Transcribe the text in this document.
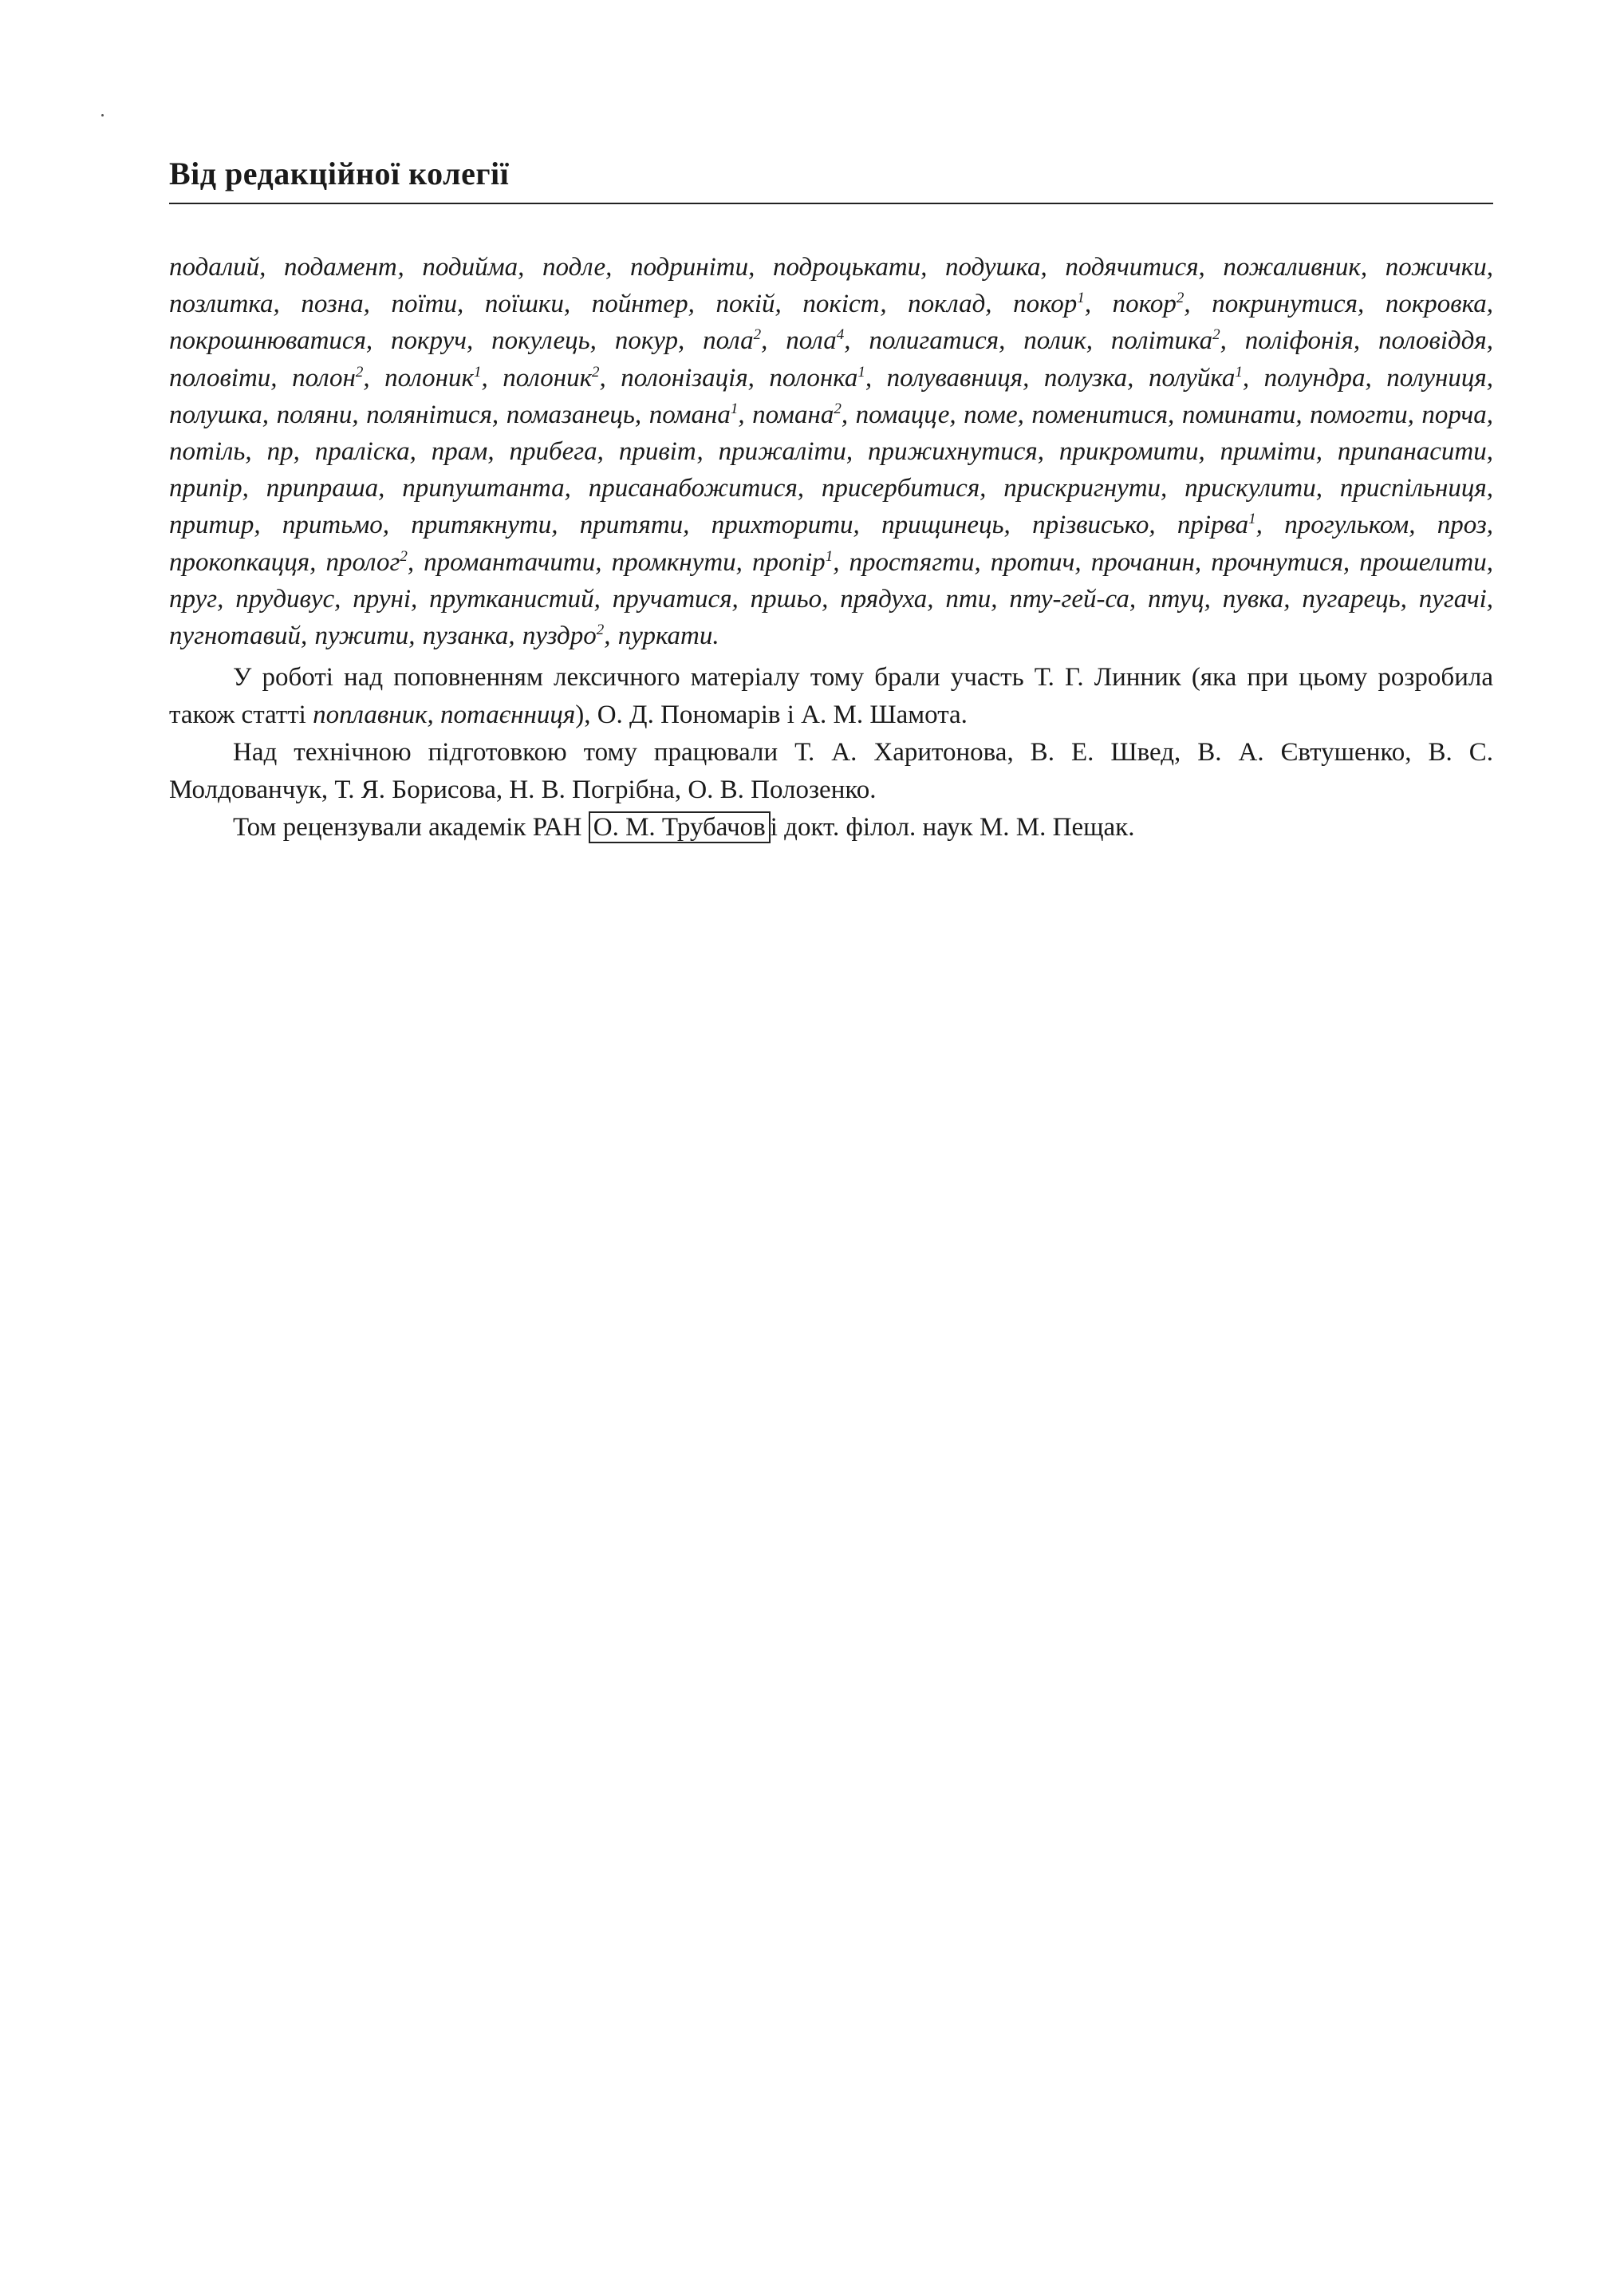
Від редакційної колегії

подалий, подамент, подийма, подле, подриніти, подроцькати, подушка, подячитися, пожаливник, пожички, позлитка, позна, поїти, поїшки, пойнтер, покій, покіст, поклад, покор$^1$, покор$^2$, покринутися, покровка, покрошнюватися, покруч, покулець, покур, пола$^2$, пола$^4$, полигатися, полик, політика$^2$, поліфонія, половіддя, половіти, полон$^2$, полоник$^1$, полоник$^2$, полонізація, полонка$^1$, полувавниця, полузка, полуйка$^1$, полундра, полуниця, полушка, поляни, полянітися, помазанець, помана$^1$, помана$^2$, помацце, поме, поменитися, поминати, помогти, порча, потіль, пр, праліска, прам, прибега, привіт, прижаліти, прижихнутися, прикромити, приміти, припанасити, припір, припраша, припуштанта, присанабожитися, присербитися, прискригнути, прискулити, приспільниця, притир, притьмо, притякнути, притяти, прихторити, прищинець, прізвисько, прірва$^1$, прогульком, проз, прокопкацця, пролог$^2$, промантачити, промкнути, пропір$^1$, простягти, протич, прочанин, прочнутися, прошелити, пруг, прудивус, пруні, прутканистий, пручатися, пршьо, прядуха, пти, пту-гей-са, птуц, пувка, пугарець, пугачі, пугнотавий, пужити, пузанка, пуздро$^2$, пуркати.

У роботі над поповненням лексичного матеріалу тому брали участь Т. Г. Линник (яка при цьому розробила також статті поплавник, потаєнниця), О. Д. Пономарів і А. М. Шамота.

Над технічною підготовкою тому працювали Т. А. Харитонова, В. Е. Швед, В. А. Євтушенко, В. С. Молдованчук, Т. Я. Борисова, Н. В. Погрібна, О. В. Полозенко.

Том рецензували академік РАН О. М. Трубачов і докт. філол. наук М. М. Пещак.
